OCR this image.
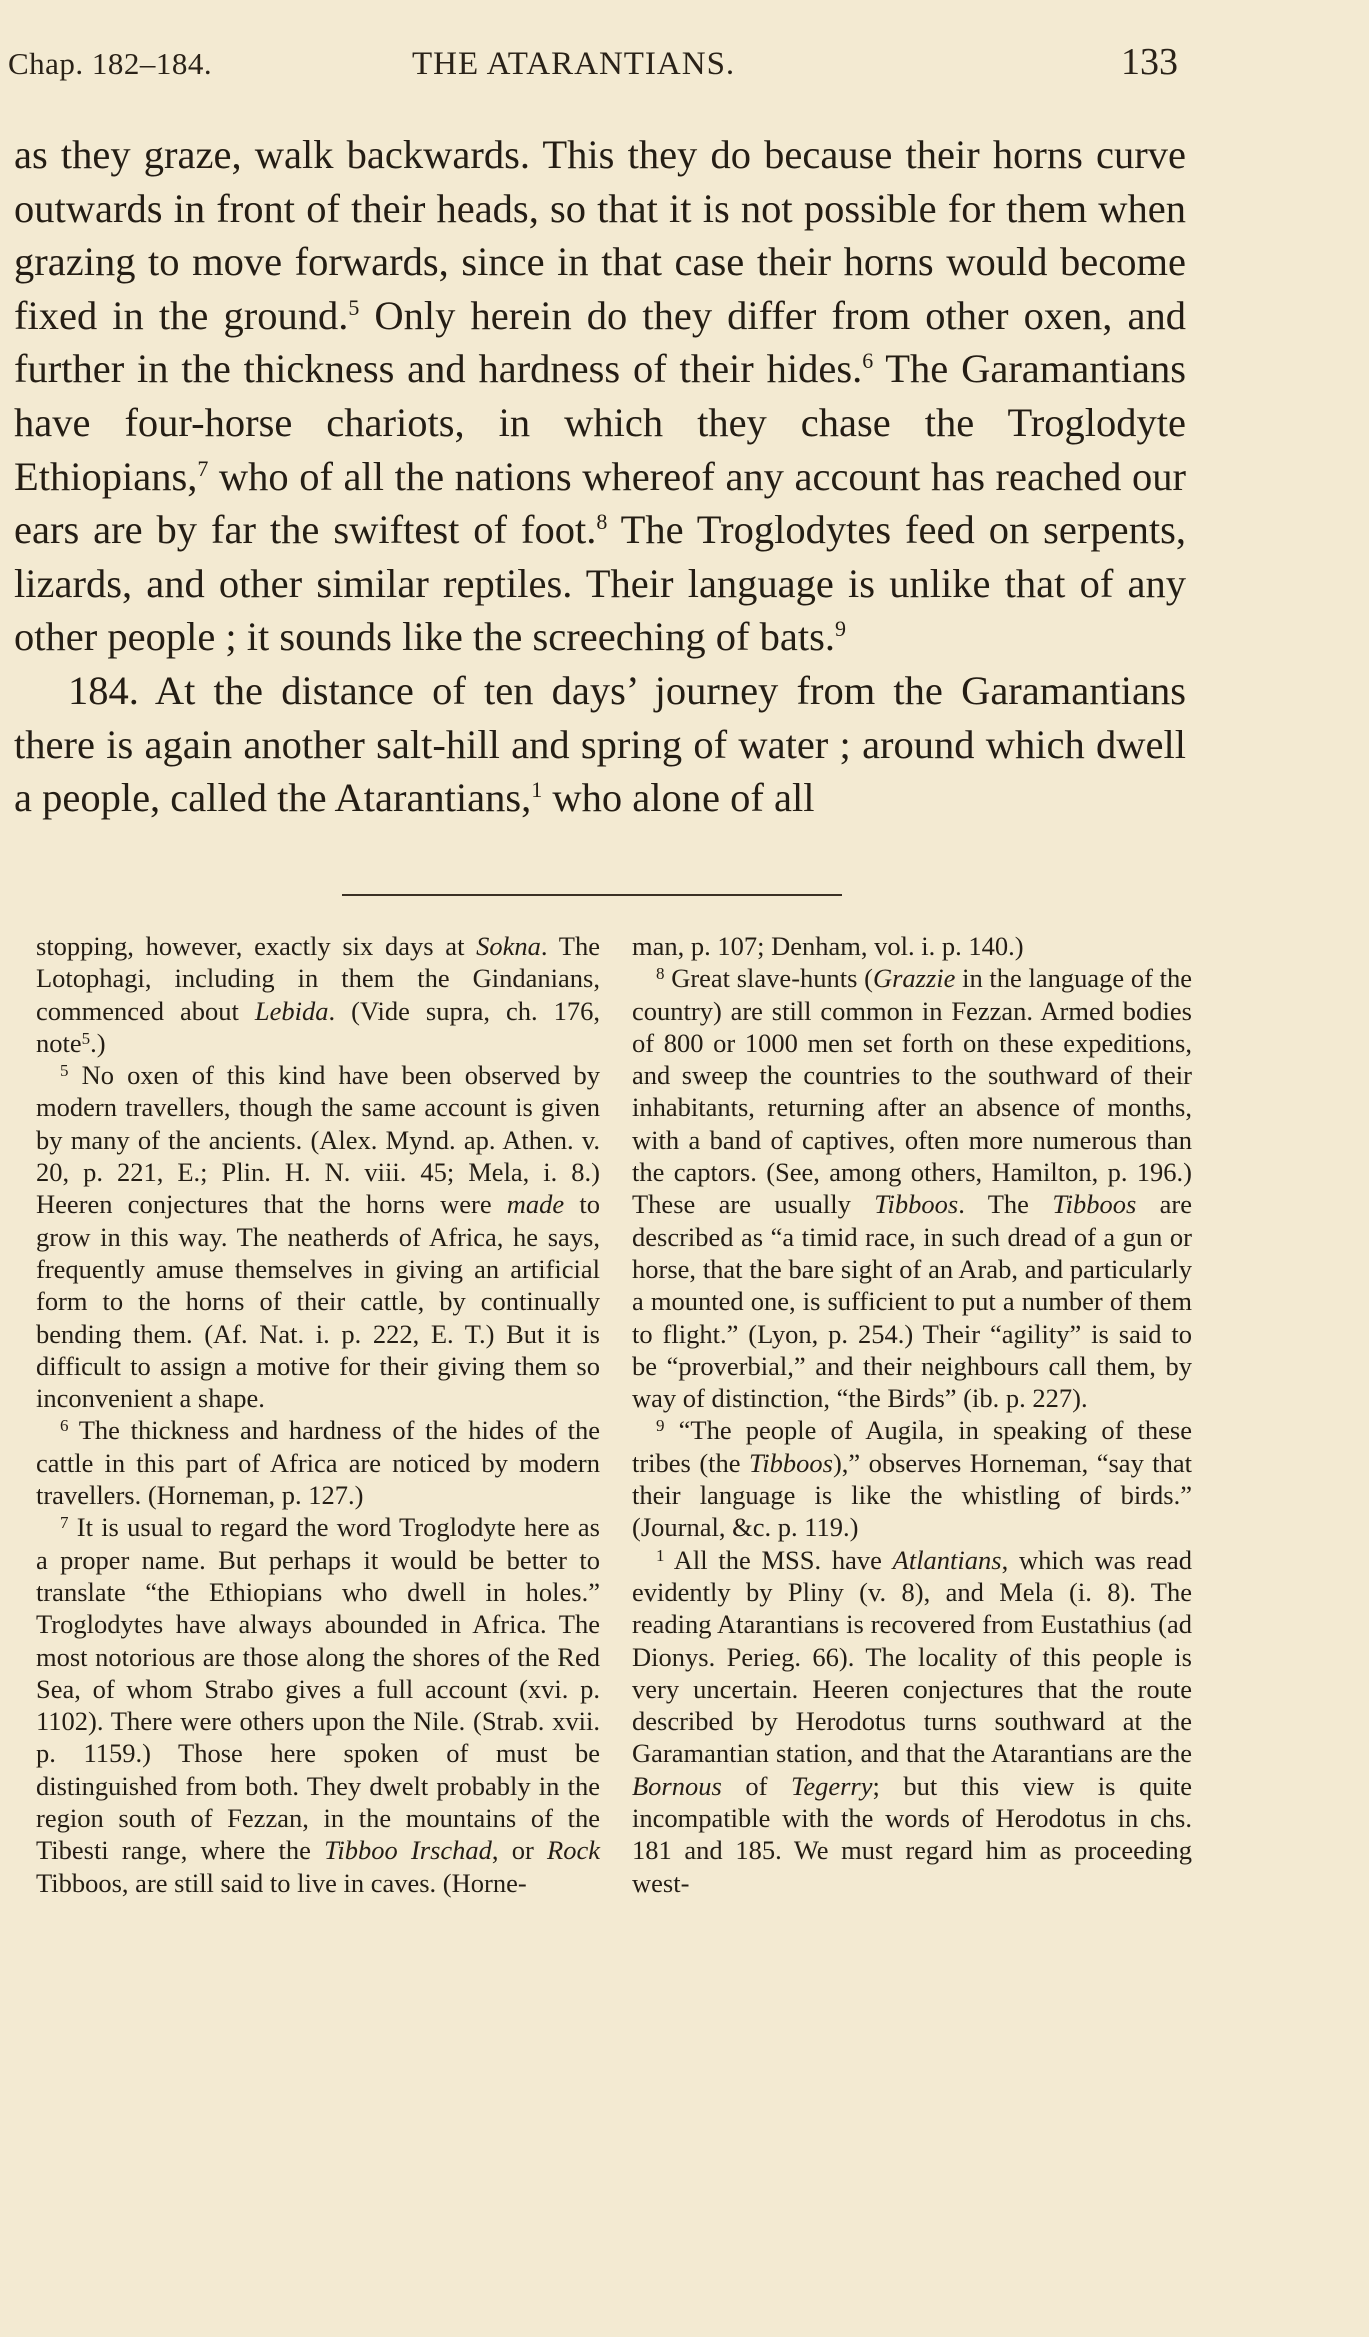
Chap. 182–184.	THE ATARANTIANS.	133

as they graze, walk backwards. This they do because their horns curve outwards in front of their heads, so that it is not possible for them when grazing to move forwards, since in that case their horns would become fixed in the ground.$^5$ Only herein do they differ from other oxen, and further in the thickness and hardness of their hides.$^6$ The Garamantians have four-horse chariots, in which they chase the Troglodyte Ethiopians,$^7$ who of all the nations whereof any account has reached our ears are by far the swiftest of foot.$^8$ The Troglodytes feed on serpents, lizards, and other similar reptiles. Their language is unlike that of any other people ; it sounds like the screeching of bats.$^9$

184. At the distance of ten days’ journey from the Garamantians there is again another salt-hill and spring of water ; around which dwell a people, called the Atarantians,$^1$ who alone of all

stopping, however, exactly six days at Sokna. The Lotophagi, including in them the Gindanians, commenced about Lebida. (Vide supra, ch. 176, note$^5$.)

$^5$ No oxen of this kind have been observed by modern travellers, though the same account is given by many of the ancients. (Alex. Mynd. ap. Athen. v. 20, p. 221, E.; Plin. H. N. viii. 45; Mela, i. 8.) Heeren conjectures that the horns were made to grow in this way. The neatherds of Africa, he says, frequently amuse themselves in giving an artificial form to the horns of their cattle, by continually bending them. (Af. Nat. i. p. 222, E. T.) But it is difficult to assign a motive for their giving them so inconvenient a shape.

$^6$ The thickness and hardness of the hides of the cattle in this part of Africa are noticed by modern travellers. (Horneman, p. 127.)

$^7$ It is usual to regard the word Troglodyte here as a proper name. But perhaps it would be better to translate “the Ethiopians who dwell in holes.” Troglodytes have always abounded in Africa. The most notorious are those along the shores of the Red Sea, of whom Strabo gives a full account (xvi. p. 1102). There were others upon the Nile. (Strab. xvii. p. 1159.) Those here spoken of must be distinguished from both. They dwelt probably in the region south of Fezzan, in the mountains of the Tibesti range, where the Tibboo Irschad, or Rock Tibboos, are still said to live in caves. (Horne-

man, p. 107; Denham, vol. i. p. 140.)

$^8$ Great slave-hunts (Grazzie in the language of the country) are still common in Fezzan. Armed bodies of 800 or 1000 men set forth on these expeditions, and sweep the countries to the southward of their inhabitants, returning after an absence of months, with a band of captives, often more numerous than the captors. (See, among others, Hamilton, p. 196.) These are usually Tibboos. The Tibboos are described as “a timid race, in such dread of a gun or horse, that the bare sight of an Arab, and particularly a mounted one, is sufficient to put a number of them to flight.” (Lyon, p. 254.) Their “agility” is said to be “proverbial,” and their neighbours call them, by way of distinction, “the Birds” (ib. p. 227).

$^9$ “The people of Augila, in speaking of these tribes (the Tibboos),” observes Horneman, “say that their language is like the whistling of birds.” (Journal, &c. p. 119.)

$^1$ All the MSS. have Atlantians, which was read evidently by Pliny (v. 8), and Mela (i. 8). The reading Atarantians is recovered from Eustathius (ad Dionys. Perieg. 66). The locality of this people is very uncertain. Heeren conjectures that the route described by Herodotus turns southward at the Garamantian station, and that the Atarantians are the Bornous of Tegerry; but this view is quite incompatible with the words of Herodotus in chs. 181 and 185. We must regard him as proceeding west-
